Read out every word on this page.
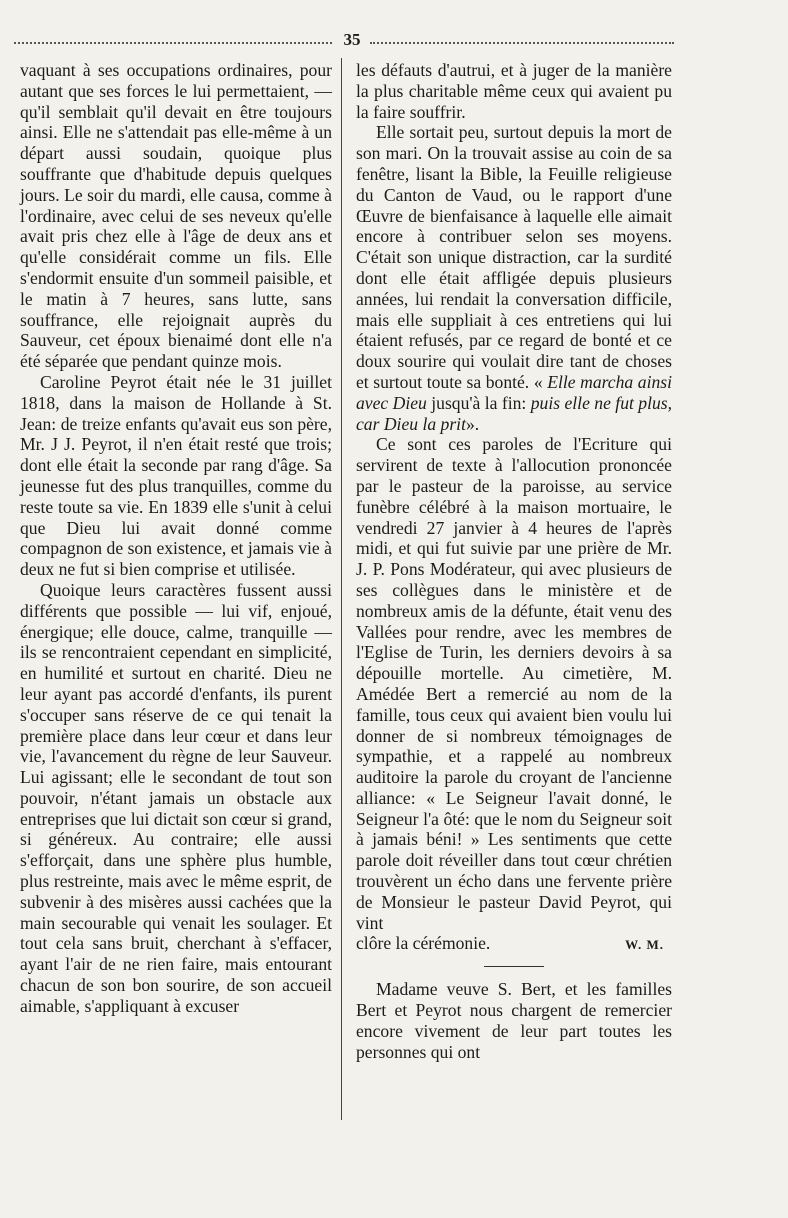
35

vaquant à ses occupations ordinaires, pour autant que ses forces le lui permettaient, — qu'il semblait qu'il devait en être toujours ainsi. Elle ne s'attendait pas elle-même à un départ aussi soudain, quoique plus souffrante que d'habitude depuis quelques jours. Le soir du mardi, elle causa, comme à l'ordinaire, avec celui de ses neveux qu'elle avait pris chez elle à l'âge de deux ans et qu'elle considérait comme un fils. Elle s'endormit ensuite d'un sommeil paisible, et le matin à 7 heures, sans lutte, sans souffrance, elle rejoignait auprès du Sauveur, cet époux bienaimé dont elle n'a été séparée que pendant quinze mois.

Caroline Peyrot était née le 31 juillet 1818, dans la maison de Hollande à St. Jean: de treize enfants qu'avait eus son père, Mr. J J. Peyrot, il n'en était resté que trois; dont elle était la seconde par rang d'âge. Sa jeunesse fut des plus tranquilles, comme du reste toute sa vie. En 1839 elle s'unit à celui que Dieu lui avait donné comme compagnon de son existence, et jamais vie à deux ne fut si bien comprise et utilisée.

Quoique leurs caractères fussent aussi différents que possible — lui vif, enjoué, énergique; elle douce, calme, tranquille — ils se rencontraient cependant en simplicité, en humilité et surtout en charité. Dieu ne leur ayant pas accordé d'enfants, ils purent s'occuper sans réserve de ce qui tenait la première place dans leur cœur et dans leur vie, l'avancement du règne de leur Sauveur. Lui agissant; elle le secondant de tout son pouvoir, n'étant jamais un obstacle aux entreprises que lui dictait son cœur si grand, si généreux. Au contraire; elle aussi s'efforçait, dans une sphère plus humble, plus restreinte, mais avec le même esprit, de subvenir à des misères aussi cachées que la main secourable qui venait les soulager. Et tout cela sans bruit, cherchant à s'effacer, ayant l'air de ne rien faire, mais entourant chacun de son bon sourire, de son accueil aimable, s'appliquant à excuser

les défauts d'autrui, et à juger de la manière la plus charitable même ceux qui avaient pu la faire souffrir.

Elle sortait peu, surtout depuis la mort de son mari. On la trouvait assise au coin de sa fenêtre, lisant la Bible, la Feuille religieuse du Canton de Vaud, ou le rapport d'une Œuvre de bienfaisance à laquelle elle aimait encore à contribuer selon ses moyens. C'était son unique distraction, car la surdité dont elle était affligée depuis plusieurs années, lui rendait la conversation difficile, mais elle suppliait à ces entretiens qui lui étaient refusés, par ce regard de bonté et ce doux sourire qui voulait dire tant de choses et surtout toute sa bonté. « Elle marcha ainsi avec Dieu jusqu'à la fin: puis elle ne fut plus, car Dieu la prit».

Ce sont ces paroles de l'Ecriture qui servirent de texte à l'allocution prononcée par le pasteur de la paroisse, au service funèbre célébré à la maison mortuaire, le vendredi 27 janvier à 4 heures de l'après midi, et qui fut suivie par une prière de Mr. J. P. Pons Modérateur, qui avec plusieurs de ses collègues dans le ministère et de nombreux amis de la défunte, était venu des Vallées pour rendre, avec les membres de l'Eglise de Turin, les derniers devoirs à sa dépouille mortelle. Au cimetière, M. Amédée Bert a remercié au nom de la famille, tous ceux qui avaient bien voulu lui donner de si nombreux témoignages de sympathie, et a rappelé au nombreux auditoire la parole du croyant de l'ancienne alliance: « Le Seigneur l'avait donné, le Seigneur l'a ôté: que le nom du Seigneur soit à jamais béni! » Les sentiments que cette parole doit réveiller dans tout cœur chrétien trouvèrent un écho dans une fervente prière de Monsieur le pasteur David Peyrot, qui vint

clôre la cérémonie.	W. M.

Madame veuve S. Bert, et les familles Bert et Peyrot nous chargent de remercier encore vivement de leur part toutes les personnes qui ont
